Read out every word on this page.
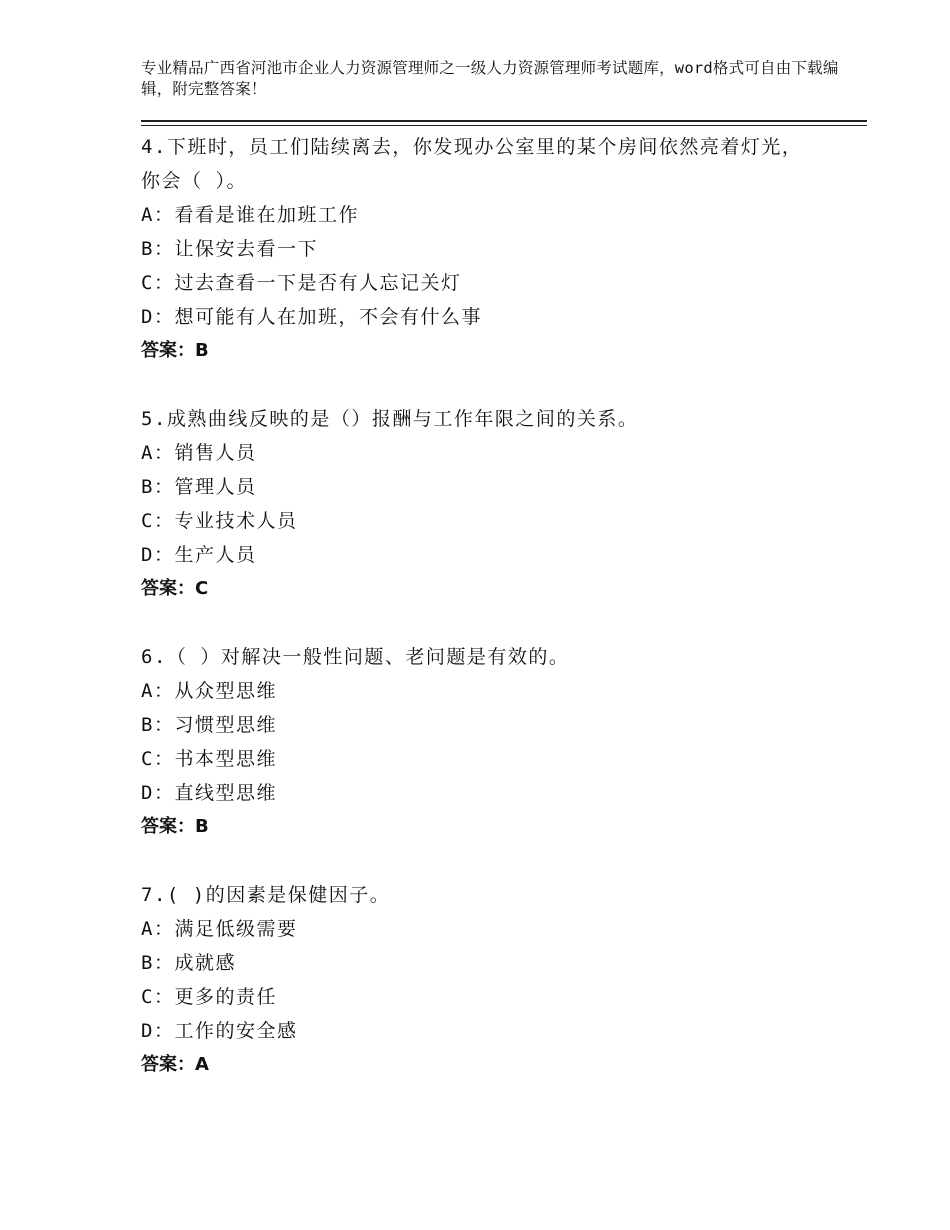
专业精品广西省河池市企业人力资源管理师之一级人力资源管理师考试题库，word格式可自由下载编辑，附完整答案！
4.下班时，员工们陆续离去，你发现办公室里的某个房间依然亮着灯光，你会（ ）。
A：看看是谁在加班工作
B：让保安去看一下
C：过去查看一下是否有人忘记关灯
D：想可能有人在加班，不会有什么事
答案：B
5.成熟曲线反映的是（）报酬与工作年限之间的关系。
A：销售人员
B：管理人员
C：专业技术人员
D：生产人员
答案：C
6.（ ）对解决一般性问题、老问题是有效的。
A：从众型思维
B：习惯型思维
C：书本型思维
D：直线型思维
答案：B
7.( )的因素是保健因子。
A：满足低级需要
B：成就感
C：更多的责任
D：工作的安全感
答案：A
